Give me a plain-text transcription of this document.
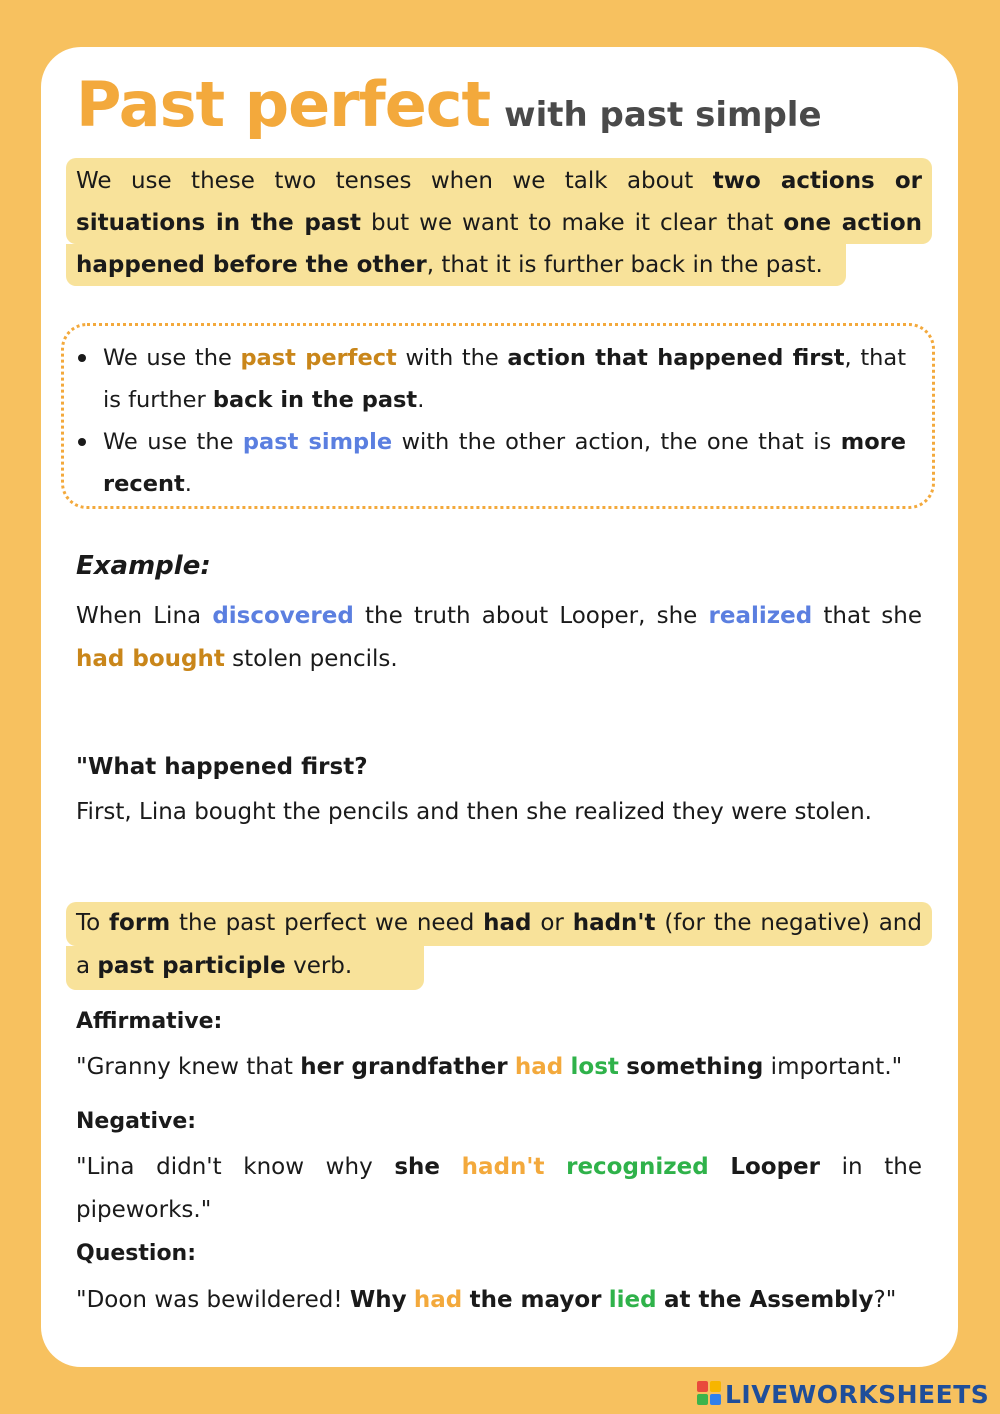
Past perfect with past simple
We use these two tenses when we talk about two actions or situations in the past but we want to make it clear that one action happened before the other, that it is further back in the past.
We use the past perfect with the action that happened first, that is further back in the past.
We use the past simple with the other action, the one that is more recent.
Example:
When Lina discovered the truth about Looper, she realized that she had bought stolen pencils.
"What happened first?
First, Lina bought the pencils and then she realized they were stolen.
To form the past perfect we need had or hadn't (for the negative) and a past participle verb.
Affirmative:
"Granny knew that her grandfather had lost something important."
Negative:
"Lina didn't know why she hadn't recognized Looper in the pipeworks."
Question:
"Doon was bewildered! Why had the mayor lied at the Assembly?"
LIVEWORKSHEETS
